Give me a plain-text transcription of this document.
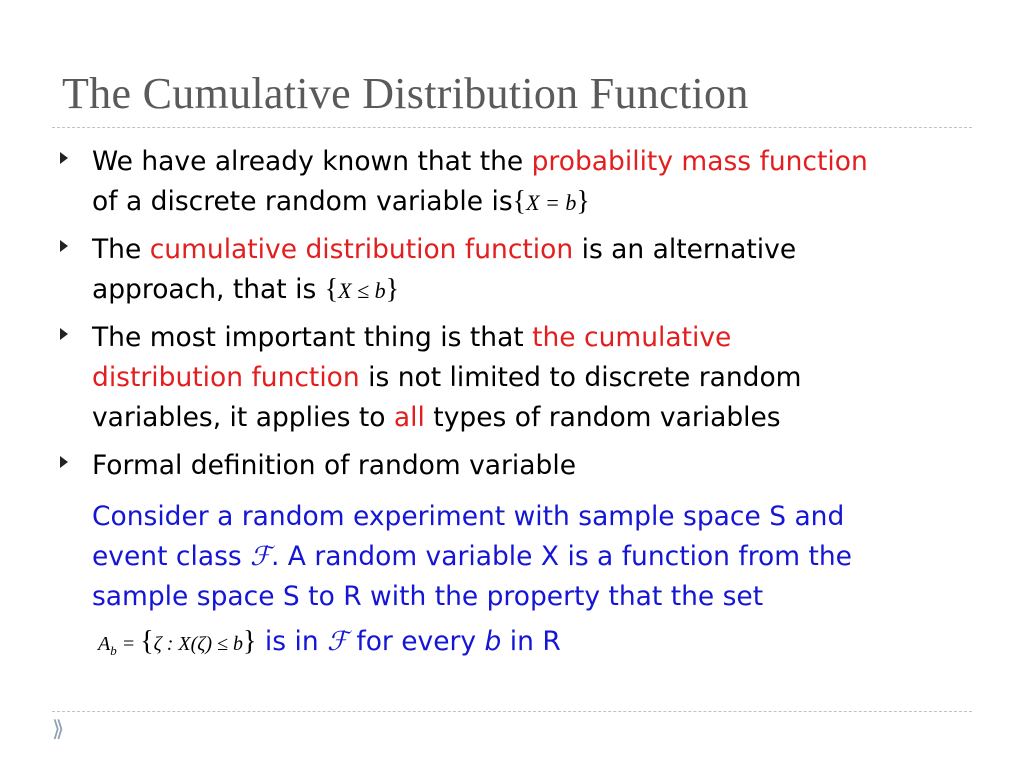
The Cumulative Distribution Function
We have already known that the probability mass function
of a discrete random variable is{X = b}
The cumulative distribution function is an alternative
approach, that is {X ≤ b}
The most important thing is that the cumulative
distribution function is not limited to discrete random
variables, it applies to all types of random variables
Formal definition of random variable
Consider a random experiment with sample space S and
event class ℱ. A random variable X is a function from the
sample space S to R with the property that the set
$A_b = \{\zeta$ : X(ζ) ≤ b} is in ℱ for every b in R
⟫
